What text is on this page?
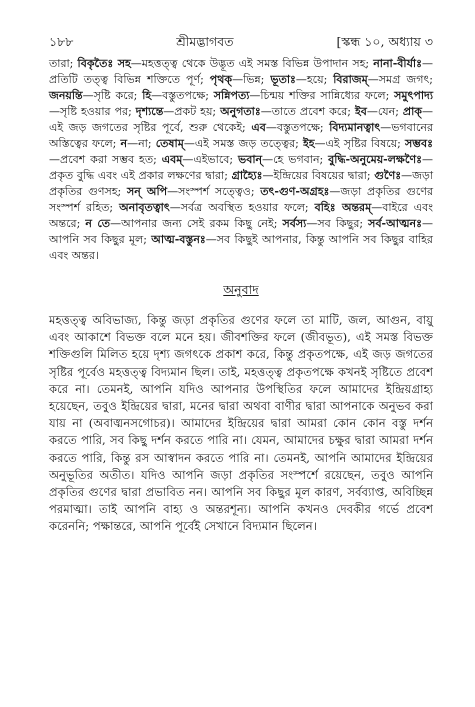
১৮৮	শ্রীমদ্ভাগবত	[স্কন্ধ ১০, অধ্যায় ৩

তারা; বিকৃতৈঃ সহ—মহত্তত্ত্ব থেকে উদ্ভূত এই সমস্ত বিভিন্ন উপাদান সহ; নানা-বীর্যাঃ—প্রতিটি তত্ত্ব বিভিন্ন শক্তিতে পূর্ণ; পৃথক্—ভিন্ন; ভূতাঃ—হয়ে; বিরাজম্—সমগ্র জগৎ; জনয়ন্তি—সৃষ্টি করে; হি—বস্তুতপক্ষে; সন্নিপত্য—চিন্ময় শক্তির সান্নিধ্যের ফলে; সমুৎপাদ্য—সৃষ্টি হওয়ার পর; দৃশ্যন্তে—প্রকট হয়; অনুগতাঃ—তাতে প্রবেশ করে; ইব—যেন; প্রাক্—এই জড় জগতের সৃষ্টির পূর্বে, শুরু থেকেই; এব—বস্তুতপক্ষে; বিদ্যমানত্বাৎ—ভগবানের অস্তিত্বের ফলে; ন—না; তেষাম্—এই সমস্ত জড় তত্ত্বের; ইহ—এই সৃষ্টির বিষয়ে; সম্ভবঃ—প্রবেশ করা সম্ভব হত; এবম্—এইভাবে; ভবান্—হে ভগবান; বুদ্ধি-অনুমেয়-লক্ষণৈঃ—প্রকৃত বুদ্ধি এবং এই প্রকার লক্ষণের দ্বারা; গ্রাহ্যৈঃ—ইন্দ্রিয়ের বিষয়ের দ্বারা; গুণৈঃ—জড়া প্রকৃতির গুণসহ; সন্ অপি—সংস্পর্শ সত্ত্বেও; তৎ-গুণ-অগ্রহঃ—জড়া প্রকৃতির গুণের সংস্পর্শ রহিত; অনাবৃতত্বাৎ—সর্বত্র অবস্থিত হওয়ার ফলে; বহিঃ অন্তরম্—বাইরে এবং অন্তরে; ন তে—আপনার জন্য সেই রকম কিছু নেই; সর্বস্য—সব কিছুর; সর্ব-আত্মনঃ—আপনি সব কিছুর মূল; আত্ম-বস্তুনঃ—সব কিছুই আপনার, কিন্তু আপনি সব কিছুর বাহির এবং অন্তর।

অনুবাদ

মহত্তত্ত্ব অবিভাজ্য, কিন্তু জড়া প্রকৃতির গুণের ফলে তা মাটি, জল, আগুন, বায়ু এবং আকাশে বিভক্ত বলে মনে হয়। জীবশক্তির ফলে (জীবভূত), এই সমস্ত বিভক্ত শক্তিগুলি মিলিত হয়ে দৃশ্য জগৎকে প্রকাশ করে, কিন্তু প্রকৃতপক্ষে, এই জড় জগতের সৃষ্টির পূর্বেও মহত্তত্ত্ব বিদ্যমান ছিল। তাই, মহত্তত্ত্ব প্রকৃতপক্ষে কখনই সৃষ্টিতে প্রবেশ করে না। তেমনই, আপনি যদিও আপনার উপস্থিতির ফলে আমাদের ইন্দ্রিয়গ্রাহ্য হয়েছেন, তবুও ইন্দ্রিয়ের দ্বারা, মনের দ্বারা অথবা বাণীর দ্বারা আপনাকে অনুভব করা যায় না (অবাঙ্মনসগোচর)। আমাদের ইন্দ্রিয়ের দ্বারা আমরা কোন কোন বস্তু দর্শন করতে পারি, সব কিছু দর্শন করতে পারি না। যেমন, আমাদের চক্ষুর দ্বারা আমরা দর্শন করতে পারি, কিন্তু রস আস্বাদন করতে পারি না। তেমনই, আপনি আমাদের ইন্দ্রিয়ের অনুভূতির অতীত। যদিও আপনি জড়া প্রকৃতির সংস্পর্শে রয়েছেন, তবুও আপনি প্রকৃতির গুণের দ্বারা প্রভাবিত নন। আপনি সব কিছুর মূল কারণ, সর্বব্যাপ্ত, অবিচ্ছিন্ন পরমাত্মা। তাই আপনি বাহ্য ও অন্তরশূন্য। আপনি কখনও দেবকীর গর্ভে প্রবেশ করেননি; পক্ষান্তরে, আপনি পূর্বেই সেখানে বিদ্যমান ছিলেন।
